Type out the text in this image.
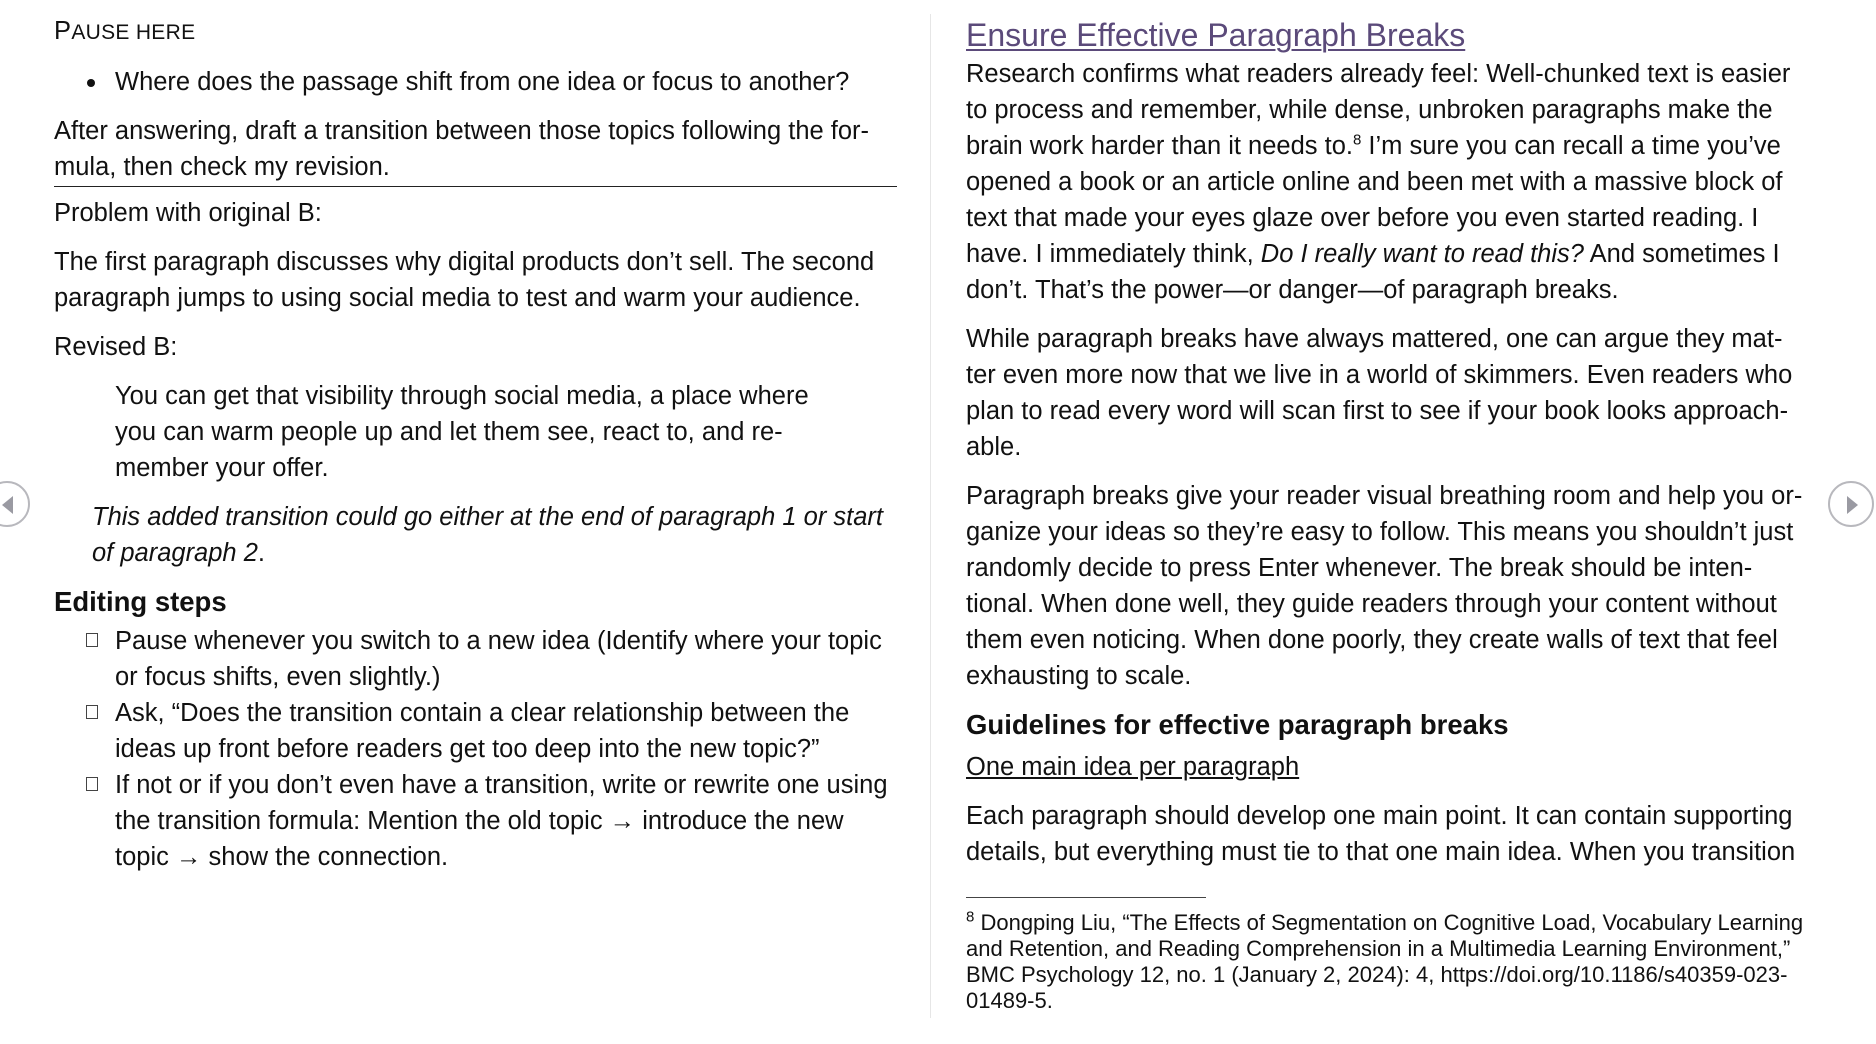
PAUSE HERE

Where does the passage shift from one idea or focus to another?

After answering, draft a transition between those topics following the for-mula, then check my revision.

Problem with original B:

The first paragraph discusses why digital products don’t sell. The second paragraph jumps to using social media to test and warm your audience.

Revised B:

You can get that visibility through social media, a place where you can warm people up and let them see, react to, and re-member your offer.

This added transition could go either at the end of paragraph 1 or start of paragraph 2.

Editing steps

Pause whenever you switch to a new idea (Identify where your topic or focus shifts, even slightly.)
Ask, “Does the transition contain a clear relationship between the ideas up front before readers get too deep into the new topic?”
If not or if you don’t even have a transition, write or rewrite one using the transition formula: Mention the old topic → introduce the new topic → show the connection.

Ensure Effective Paragraph Breaks

Research confirms what readers already feel: Well-chunked text is easier to process and remember, while dense, unbroken paragraphs make the brain work harder than it needs to.$^8$ I’m sure you can recall a time you’ve opened a book or an article online and been met with a massive block of text that made your eyes glaze over before you even started reading. I have. I immediately think, Do I really want to read this? And sometimes I don’t. That’s the power—or danger—of paragraph breaks.

While paragraph breaks have always mattered, one can argue they mat-ter even more now that we live in a world of skimmers. Even readers who plan to read every word will scan first to see if your book looks approach-able.

Paragraph breaks give your reader visual breathing room and help you or-ganize your ideas so they’re easy to follow. This means you shouldn’t just randomly decide to press Enter whenever. The break should be inten-tional. When done well, they guide readers through your content without them even noticing. When done poorly, they create walls of text that feel exhausting to scale.

Guidelines for effective paragraph breaks

One main idea per paragraph

Each paragraph should develop one main point. It can contain supporting details, but everything must tie to that one main idea. When you transition

$^8$ Dongping Liu, “The Effects of Segmentation on Cognitive Load, Vocabulary Learning and Retention, and Reading Comprehension in a Multimedia Learning Environment,” BMC Psychology 12, no. 1 (January 2, 2024): 4, https://doi.org/10.1186/s40359-023-01489-5.
